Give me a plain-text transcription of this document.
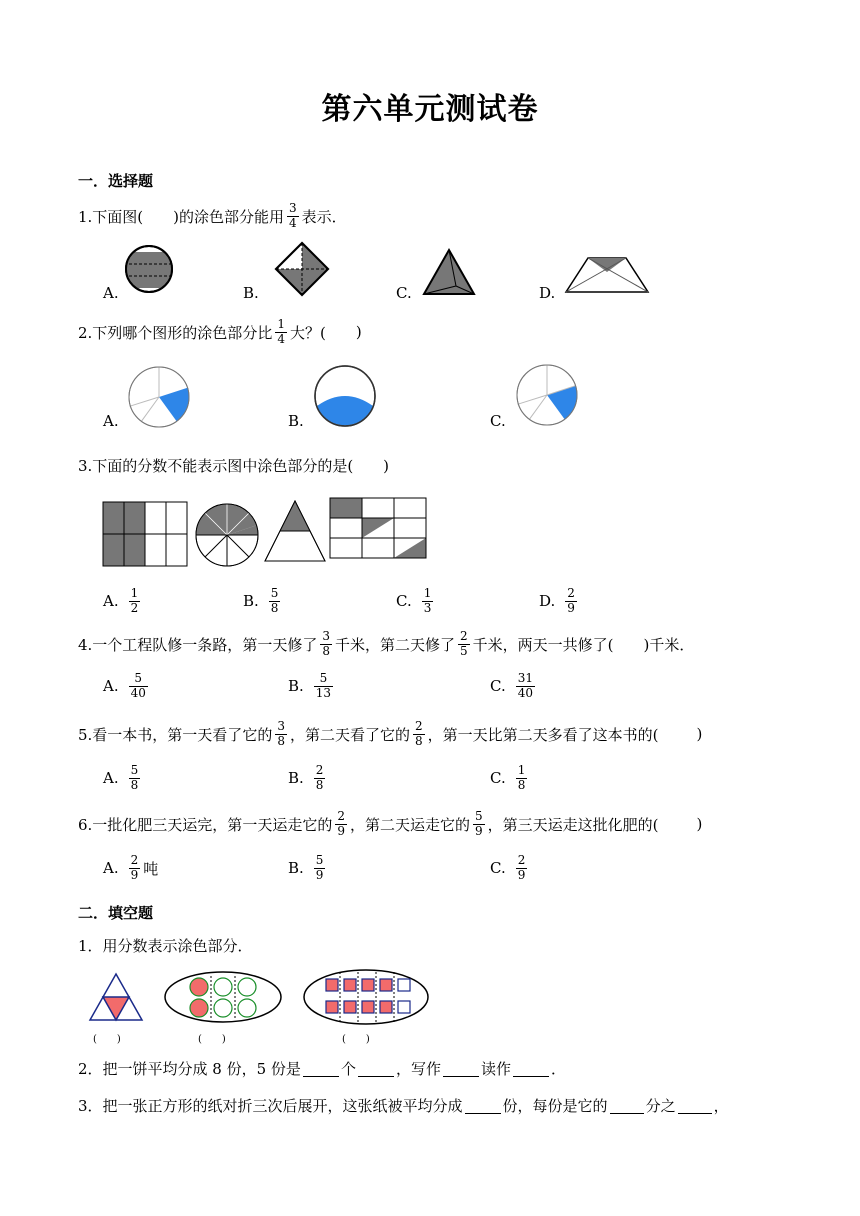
第六单元测试卷
一．选择题
1.下面图( )的涂色部分能用 $\frac{3}{4}$ 表示．
A.	B.	C.	D.
2.下列哪个图形的涂色部分比 $\frac{1}{4}$ 大？( )
A.	B.	C.
3.下面的分数不能表示图中涂色部分的是( )
A. $\frac{1}{2}$	B. $\frac{5}{8}$	C. $\frac{1}{3}$	D. $\frac{2}{9}$
4.一个工程队修一条路，第一天修了 $\frac{3}{8}$ 千米，第二天修了 $\frac{2}{5}$ 千米，两天一共修了( )千米．
A. $\frac{5}{40}$	B. $\frac{5}{13}$	C. $\frac{31}{40}$
5.看一本书，第一天看了它的 $\frac{3}{8}$ ，第二天看了它的 $\frac{2}{8}$ ，第一天比第二天多看了这本书的(	)
A. $\frac{5}{8}$	B. $\frac{2}{8}$	C. $\frac{1}{8}$
6.一批化肥三天运完，第一天运走它的 $\frac{2}{9}$ ，第二天运走它的 $\frac{5}{9}$ ，第三天运走这批化肥的(	)
A. $\frac{2}{9}$ 吨	B. $\frac{5}{9}$	C. $\frac{2}{9}$
二．填空题
1．用分数表示涂色部分．
(　　)	(　　)	(　　)
2．把一饼平均分成 8 份，5 份是	个	，写作	读作	．
3．把一张正方形的纸对折三次后展开，这张纸被平均分成	份，每份是它的	分之	，
